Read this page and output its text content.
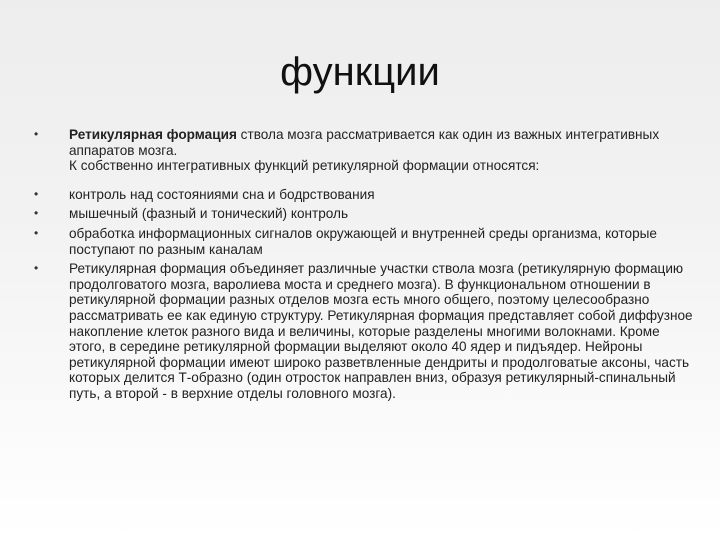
функции
•	Ретикулярная формация ствола мозга рассматривается как один из важных интегративных аппаратов мозга.
К собственно интегративных функций ретикулярной формации относятся:
•	контроль над состояниями сна и бодрствования
•	мышечный (фазный и тонический) контроль
•	обработка информационных сигналов окружающей и внутренней среды организма, которые поступают по разным каналам
•	Ретикулярная формация объединяет различные участки ствола мозга (ретикулярную формацию продолговатого мозга, варолиева моста и среднего мозга). В функциональном отношении в ретикулярной формации разных отделов мозга есть много общего, поэтому целесообразно рассматривать ее как единую структуру. Ретикулярная формация представляет собой диффузное накопление клеток разного вида и величины, которые разделены многими волокнами. Кроме этого, в середине ретикулярной формации выделяют около 40 ядер и пидъядер. Нейроны ретикулярной формации имеют широко разветвленные дендриты и продолговатые аксоны, часть которых делится Т-образно (один отросток направлен вниз, образуя ретикулярный-спинальный путь, а второй - в верхние отделы головного мозга).
